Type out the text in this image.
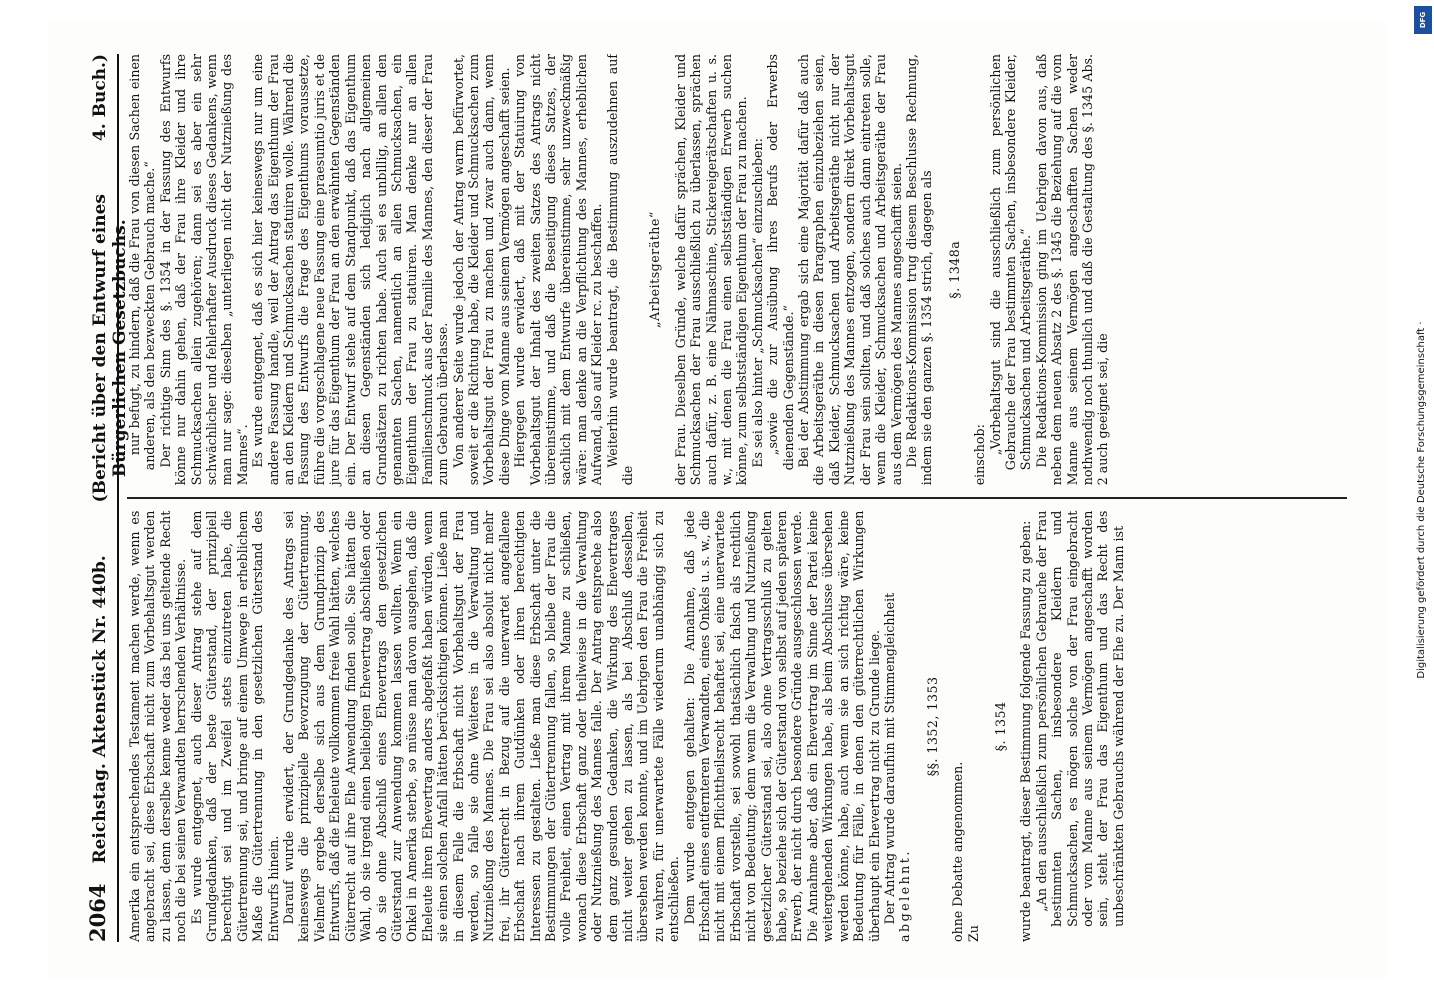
2064
Reichstag. Aktenstück Nr. 440b.
(Bericht über den Entwurf eines Bürgerlichen Gesetzbuchs.
4. Buch.)

Amerika ein entsprechendes Testament machen werde, wenn es angebracht sei, diese Erbschaft nicht zum Vorbehaltsgut werden zu lassen, denn derselbe kenne weder das bei uns geltende Recht noch die bei seinen Verwandten herrschenden Verhältnisse. Es wurde entgegnet, auch dieser Antrag stehe auf dem Grundgedanken, daß der beste Güterstand, der prinzipiell berechtigt sei und im Zweifel stets einzutreten habe, die Gütertrennung sei, und bringe auf einem Umwege in erheblichem Maße die Gütertrennung in den gesetzlichen Güterstand des Entwurfs hinein. Darauf wurde erwidert, der Grundgedanke des Antrags sei keineswegs die prinzipielle Bevorzugung der Gütertrennung. Vielmehr ergebe derselbe sich aus dem Grundprinzip des Entwurfs, daß die Eheleute vollkommen freie Wahl hätten, welches Güterrecht auf ihre Ehe Anwendung finden solle. Sie hätten die Wahl, ob sie irgend einen beliebigen Ehevertrag abschließen oder ob sie ohne Abschluß eines Ehevertrags den gesetzlichen Güterstand zur Anwendung kommen lassen wollten. Wenn ein Onkel in Amerika sterbe, so müsse man davon ausgehen, daß die Eheleute ihren Ehevertrag anders abgefaßt haben würden, wenn sie einen solchen Anfall hätten berücksichtigen können. Ließe man in diesem Falle die Erbschaft nicht Vorbehaltsgut der Frau werden, so falle sie ohne Weiteres in die Verwaltung und Nutznießung des Mannes. Die Frau sei also absolut nicht mehr frei, ihr Güterrecht in Bezug auf die unerwartet angefallene Erbschaft nach ihrem Gutdünken oder ihren berechtigten Interessen zu gestalten. Ließe man diese Erbschaft unter die Bestimmungen der Gütertrennung fallen, so bleibe der Frau die volle Freiheit, einen Vertrag mit ihrem Manne zu schließen, wonach diese Erbschaft ganz oder theilweise in die Verwaltung oder Nutznießung des Mannes falle. Der Antrag entspreche also dem ganz gesunden Gedanken, die Wirkung des Ehevertrages nicht weiter gehen zu lassen, als bei Abschluß desselben, übersehen werden konnte, und im Uebrigen den Frau die Freiheit zu wahren, für unerwartete Fälle wiederum unabhängig sich zu entschließen. Dem wurde entgegen gehalten: Die Annahme, daß jede Erbschaft eines entfernteren Verwandten, eines Onkels u. s. w., die nicht mit einem Pflichttheilsrecht behaftet sei, eine unerwartete Erbschaft vorstelle, sei sowohl thatsächlich falsch als rechtlich nicht von Bedeutung; denn wenn die Verwaltung und Nutznießung gesetzlicher Güterstand sei, also ohne Vertragsschluß zu gelten habe, so beziehe sich der Güterstand von selbst auf jeden späteren Erwerb, der nicht durch besondere Gründe ausgeschlossen werde. Die Annahme aber, daß ein Ehevertrag im Sinne der Partei keine weitergehenden Wirkungen habe, als beim Abschlusse übersehen werden könne, habe, auch wenn sie an sich richtig wäre, keine Bedeutung für Fälle, in denen den güterrechtlichen Wirkungen überhaupt ein Ehevertrag nicht zu Grunde liege. Der Antrag wurde daraufhin mit Stimmengleichheit abgelehnt.

§§. 1352, 1353

ohne Debatte angenommen. Zu

§. 1354 wurde beantragt, dieser Bestimmung folgende Fassung zu geben: „An den ausschließlich zum persönlichen Gebrauche der Frau bestimmten Sachen, insbesondere Kleidern und Schmucksachen, es mögen solche von der Frau eingebracht oder vom Manne aus seinem Vermögen angeschafft worden sein, steht der Frau das Eigenthum und das Recht des unbeschränkten Gebrauchs während der Ehe zu. Der Mann ist

nur befugt, zu hindern, daß die Frau von diesen Sachen einen anderen, als den bezweckten Gebrauch mache.“ Der richtige Sinn des §. 1354 in der Fassung des Entwurfs könne nur dahin gehen, daß der Frau ihre Kleider und ihre Schmucksachen allein zugehören; dann sei es aber ein sehr schwächlicher und fehlerhafter Ausdruck dieses Gedankens, wenn man nur sage: dieselben „unterliegen nicht der Nutznießung des Mannes“. Es wurde entgegnet, daß es sich hier keineswegs nur um eine andere Fassung handle, weil der Antrag das Eigenthum der Frau an den Kleidern und Schmucksachen statuiren wolle. Während die Fassung des Entwurfs die Frage des Eigenthums voraussetze, führe die vorgeschlagene neue Fassung eine praesumtio juris et de jure für das Eigenthum der Frau an den erwähnten Gegenständen ein. Der Entwurf stehe auf dem Standpunkt, daß das Eigenthum an diesen Gegenständen sich lediglich nach allgemeinen Grundsätzen zu richten habe. Auch sei es unbillig, an allen den genannten Sachen, namentlich an allen Schmucksachen, ein Eigenthum der Frau zu statuiren. Man denke nur an allen Familienschmuck aus der Familie des Mannes, den dieser der Frau zum Gebrauch überlasse. Von anderer Seite wurde jedoch der Antrag warm befürwortet, soweit er die Richtung habe, die Kleider und Schmucksachen zum Vorbehaltsgut der Frau zu machen und zwar auch dann, wenn diese Dinge vom Manne aus seinem Vermögen angeschafft seien. Hiergegen wurde erwidert, daß mit der Statuirung von Vorbehaltsgut der Inhalt des zweiten Satzes des Antrags nicht übereinstimme, und daß die Beseitigung dieses Satzes, der sachlich mit dem Entwurfe übereinstimme, sehr unzweckmäßig wäre: man denke an die Verpflichtung des Mannes, erheblichen Aufwand, also auf Kleider rc. zu beschaffen. Weiterhin wurde beantragt, die Bestimmung auszudehnen auf die

„Arbeitsgeräthe“ der Frau. Dieselben Gründe, welche dafür sprächen, Kleider und Schmucksachen der Frau ausschließlich zu überlassen, sprächen auch dafür, z. B. eine Nähmaschine, Stickereigerätschaften u. s. w., mit denen die Frau einen selbstständigen Erwerb suchen könne, zum selbstständigen Eigenthum der Frau zu machen. Es sei also hinter „Schmucksachen“ einzuschieben: „sowie die zur Ausübung ihres Berufs oder Erwerbs dienenden Gegenstände.“ Bei der Abstimmung ergab sich eine Majorität dafür daß auch die Arbeitsgeräthe in diesen Paragraphen einzubeziehen seien, daß Kleider, Schmucksachen und Arbeitsgeräthe nicht nur der Nutznießung des Mannes entzogen, sondern direkt Vorbehaltsgut der Frau sein sollten, und daß solches auch dann eintreten solle, wenn die Kleider, Schmucksachen und Arbeitsgeräthe der Frau aus dem Vermögen des Mannes angeschafft seien. Die Redaktions-Kommission trug diesem Beschlusse Rechnung, indem sie den ganzen §. 1354 strich, dagegen als §. 1348a

einschob: „Vorbehaltsgut sind die ausschließlich zum persönlichen Gebrauche der Frau bestimmten Sachen, insbesondere Kleider, Schmucksachen und Arbeitsgeräthe.“ Die Redaktions-Kommission ging im Uebrigen davon aus, daß neben dem neuen Absatz 2 des §. 1345 die Beziehung auf die vom Manne aus seinem Vermögen angeschafften Sachen weder nothwendig noch thunlich und daß die Gestaltung des §. 1345 Abs. 2 auch geeignet sei, die	Digitalisierung gefördert durch die Deutsche Forschungsgemeinschaft ·
DFG
